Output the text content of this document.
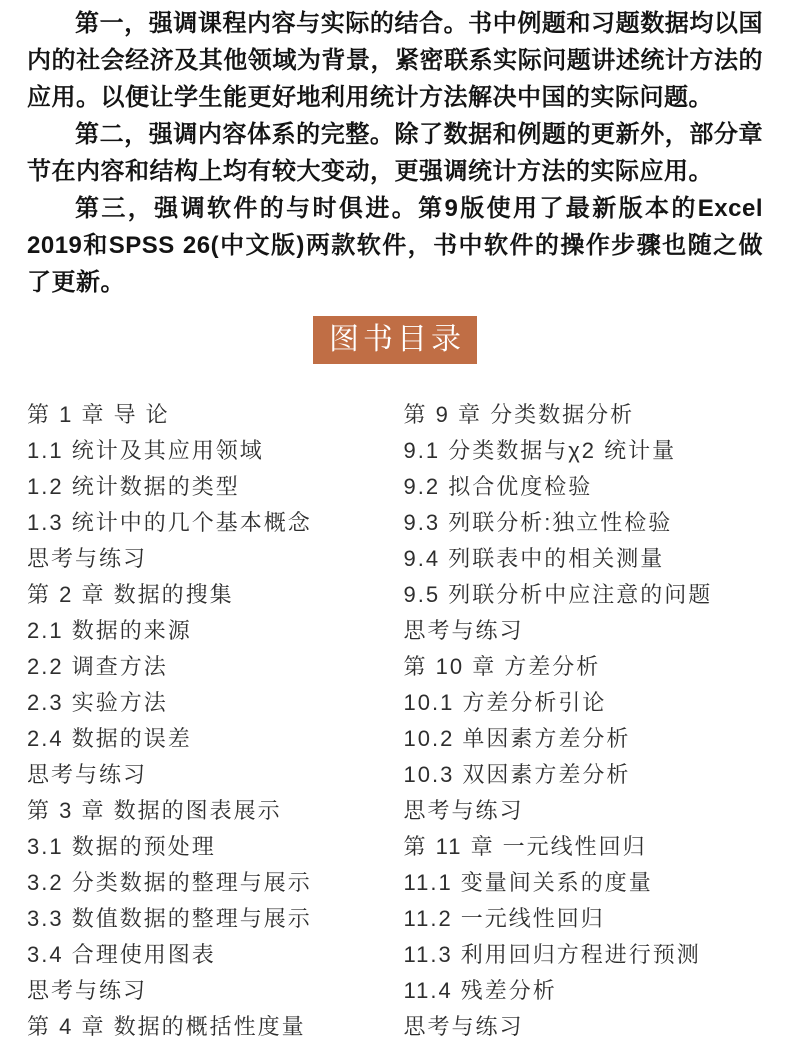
第一，强调课程内容与实际的结合。书中例题和习题数据均以国内的社会经济及其他领域为背景，紧密联系实际问题讲述统计方法的应用。以便让学生能更好地利用统计方法解决中国的实际问题。

第二，强调内容体系的完整。除了数据和例题的更新外，部分章节在内容和结构上均有较大变动，更强调统计方法的实际应用。

第三，强调软件的与时俱进。第9版使用了最新版本的Excel 2019和SPSS 26(中文版)两款软件，书中软件的操作步骤也随之做了更新。

图书目录
第 1 章 导 论
1.1 统计及其应用领域
1.2 统计数据的类型
1.3 统计中的几个基本概念
思考与练习
第 2 章 数据的搜集
2.1 数据的来源
2.2 调查方法
2.3 实验方法
2.4 数据的误差
思考与练习
第 3 章 数据的图表展示
3.1 数据的预处理
3.2 分类数据的整理与展示
3.3 数值数据的整理与展示
3.4 合理使用图表
思考与练习
第 4 章 数据的概括性度量
第 9 章 分类数据分析
9.1 分类数据与χ2 统计量
9.2 拟合优度检验
9.3 列联分析:独立性检验
9.4 列联表中的相关测量
9.5 列联分析中应注意的问题
思考与练习
第 10 章 方差分析
10.1 方差分析引论
10.2 单因素方差分析
10.3 双因素方差分析
思考与练习
第 11 章 一元线性回归
11.1 变量间关系的度量
11.2 一元线性回归
11.3 利用回归方程进行预测
11.4 残差分析
思考与练习
